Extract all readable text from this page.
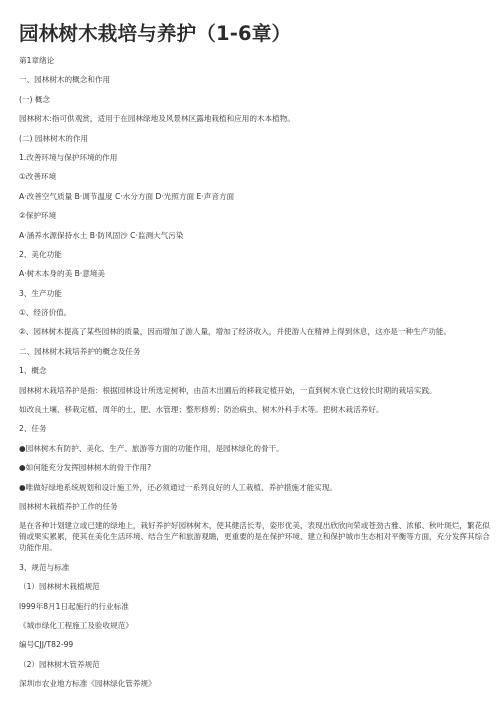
园林树木栽培与养护（1-6章）

第1章绪论

一、园林树木的概念和作用

(一) 概念

园林树木:指可供观赏，适用于在园林绿地及风景林区露地栽植和应用的木本植物。

(二) 园林树木的作用

1.改善环境与保护环境的作用

①改善环境

A·改善空气质量 B·调节温度 C·水分方面 D·光照方面 E·声音方面

②保护环境

A·涵养水源保持水土 B·防风固沙 C·监测大气污染

2、美化功能

A·树木本身的美 B·意境美

3、生产功能

①、经济价值。

②、园林树木提高了某些园林的质量，因而增加了游人量，增加了经济收入，并使游人在精神上得到休息，这亦是一种生产功能。

二、园林树木栽培养护的概念及任务

1、概念

园林树木栽培养护是指：根据园林设计所选定树种，由苗木出圃后的移栽定植开始，一直到树木衰亡这较长时期的栽培实践。

如改良土壤、移栽定植、周年的土、肥、水管理；整形修剪；防治病虫、树木外科手术等。把树木栽活养好。

2、任务

●园林树木有防护、美化、生产、旅游等方面的功能作用，是园林绿化的骨干。

●如何能充分发挥园林树木的骨干作用?

●唯做好绿地系统规划和设计施工外，还必须通过一系列良好的人工栽植、养护措施才能实现。

园林树木栽植养护工作的任务

是在各种计划建立或已建的绿地上，栽好养护好园林树木，使其健活长寿，姿形优美，表现出欣欣向荣或苍劲古雅、浓郁、秋叶斑烂，繁花似锦或果实累累，使其在美化生活环境、结合生产和旅游观瞻，更重要的是在保护环境、建立和保护城市生态相对平衡等方面，充分发挥其综合功能作用。

3、规范与标准

（1）园林树木栽植规范

l999年8月1日起施行的行业标准

《城市绿化工程施工及验收规范》

编号CJJ/T82-99

（2）园林树木管养规范

深圳市农业地方标准《园林绿化管养规》
